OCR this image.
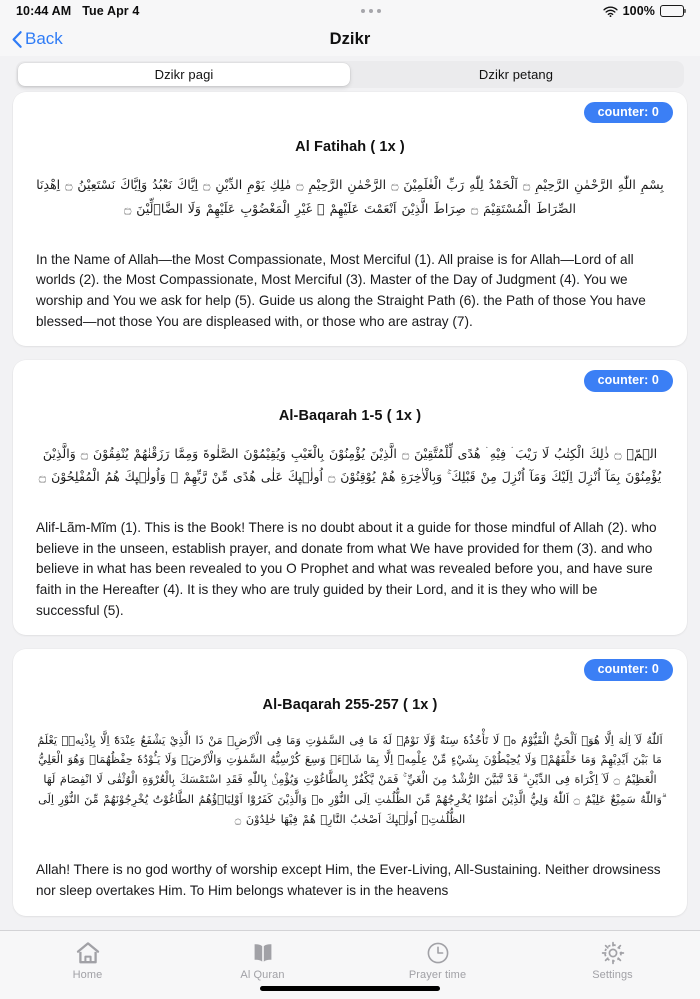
10:44 AM Tue Apr 4	100%
Back	Dzikr
Dzikr pagi	Dzikr petang
counter: 0
Al Fatihah ( 1x )
بِسْمِ اللّٰهِ الرَّحْمٰنِ الرَّحِيْمِ ۝ اَلْحَمْدُ لِلّٰهِ رَبِّ الْعٰلَمِيْنَ ۝ الرَّحْمٰنِ الرَّحِيْمِ ۝ مٰلِكِ يَوْمِ الدِّيْنِ ۝ اِيَّاكَ نَعْبُدُ وَاِيَّاكَ نَسْتَعِيْنُ ۝ اِهْدِنَا الصِّرَاطَ الْمُسْتَقِيْمَ ۝ صِرَاطَ الَّذِيْنَ اَنْعَمْتَ عَلَيْهِمْ ۙ غَيْرِ الْمَغْضُوْبِ عَلَيْهِمْ وَلَا الضَّاۤلِّيْنَ ۝
In the Name of Allah—the Most Compassionate, Most Merciful (1). All praise is for Allah—Lord of all worlds (2). the Most Compassionate, Most Merciful (3). Master of the Day of Judgment (4). You we worship and You we ask for help (5). Guide us along the Straight Path (6). the Path of those You have blessed—not those You are displeased with, or those who are astray (7).
counter: 0
Al-Baqarah 1-5 ( 1x )
الۤمّۤ ۝ ذٰلِكَ الْكِتٰبُ لَا رَيْبَ ۛ فِيْهِ ۛ هُدًى لِّلْمُتَّقِيْنَ ۝ الَّذِيْنَ يُؤْمِنُوْنَ بِالْغَيْبِ وَيُقِيْمُوْنَ الصَّلٰوةَ وَمِمَّا رَزَقْنٰهُمْ يُنْفِقُوْنَ ۝ وَالَّذِيْنَ يُؤْمِنُوْنَ بِمَآ اُنْزِلَ اِلَيْكَ وَمَآ اُنْزِلَ مِنْ قَبْلِكَ ۚ وَبِالْاٰخِرَةِ هُمْ يُوْقِنُوْنَ ۝ اُولٰۤىِٕكَ عَلٰى هُدًى مِّنْ رَّبِّهِمْ ۙ وَاُولٰۤىِٕكَ هُمُ الْمُفْلِحُوْنَ ۝
Alif-Lãm-Mĩm (1). This is the Book! There is no doubt about it a guide for those mindful of Allah (2). who believe in the unseen, establish prayer, and donate from what We have provided for them (3). and who believe in what has been revealed to you O Prophet and what was revealed before you, and have sure faith in the Hereafter (4). It is they who are truly guided by their Lord, and it is they who will be successful (5).
counter: 0
Al-Baqarah 255-257 ( 1x )
اَللّٰهُ لَآ اِلٰهَ اِلَّا هُوَۚ اَلْحَيُّ الْقَيُّوْمُ ەۚ لَا تَأْخُذُهٗ سِنَةٌ وَّلَا نَوْمٌۗ لَهٗ مَا فِى السَّمٰوٰتِ وَمَا فِى الْاَرْضِۗ مَنْ ذَا الَّذِيْ يَشْفَعُ عِنْدَهٗٓ اِلَّا بِاِذْنِهٖۗ يَعْلَمُ مَا بَيْنَ اَيْدِيْهِمْ وَمَا خَلْفَهُمْۚ وَلَا يُحِيْطُوْنَ بِشَيْءٍ مِّنْ عِلْمِهٖٓ اِلَّا بِمَا شَاۤءَۚ وَسِعَ كُرْسِيُّهُ السَّمٰوٰتِ وَالْاَرْضَۚ وَلَا يَـُٔوْدُهٗ حِفْظُهُمَاۚ وَهُوَ الْعَلِيُّ الْعَظِيْمُ ۝ لَآ اِكْرَاهَ فِى الدِّيْنِ ۗ قَدْ تَّبَيَّنَ الرُّشْدُ مِنَ الْغَيِّ ۚ فَمَنْ يَّكْفُرْ بِالطَّاغُوْتِ وَيُؤْمِنْۢ بِاللّٰهِ فَقَدِ اسْتَمْسَكَ بِالْعُرْوَةِ الْوُثْقٰى لَا انْفِصَامَ لَهَا ۗوَاللّٰهُ سَمِيْعٌ عَلِيْمٌ ۝ اَللّٰهُ وَلِيُّ الَّذِيْنَ اٰمَنُوْا يُخْرِجُهُمْ مِّنَ الظُّلُمٰتِ اِلَى النُّوْرِ ەۗ وَالَّذِيْنَ كَفَرُوْٓا اَوْلِيَاۤؤُهُمُ الطَّاغُوْتُ يُخْرِجُوْنَهُمْ مِّنَ النُّوْرِ اِلَى الظُّلُمٰتِۗ اُولٰۤىِٕكَ اَصْحٰبُ النَّارِۚ هُمْ فِيْهَا خٰلِدُوْنَ ۝
Allah! There is no god worthy of worship except Him, the Ever-Living, All-Sustaining. Neither drowsiness nor sleep overtakes Him. To Him belongs whatever is in the heavens
Home	Al Quran	Prayer time	Settings
